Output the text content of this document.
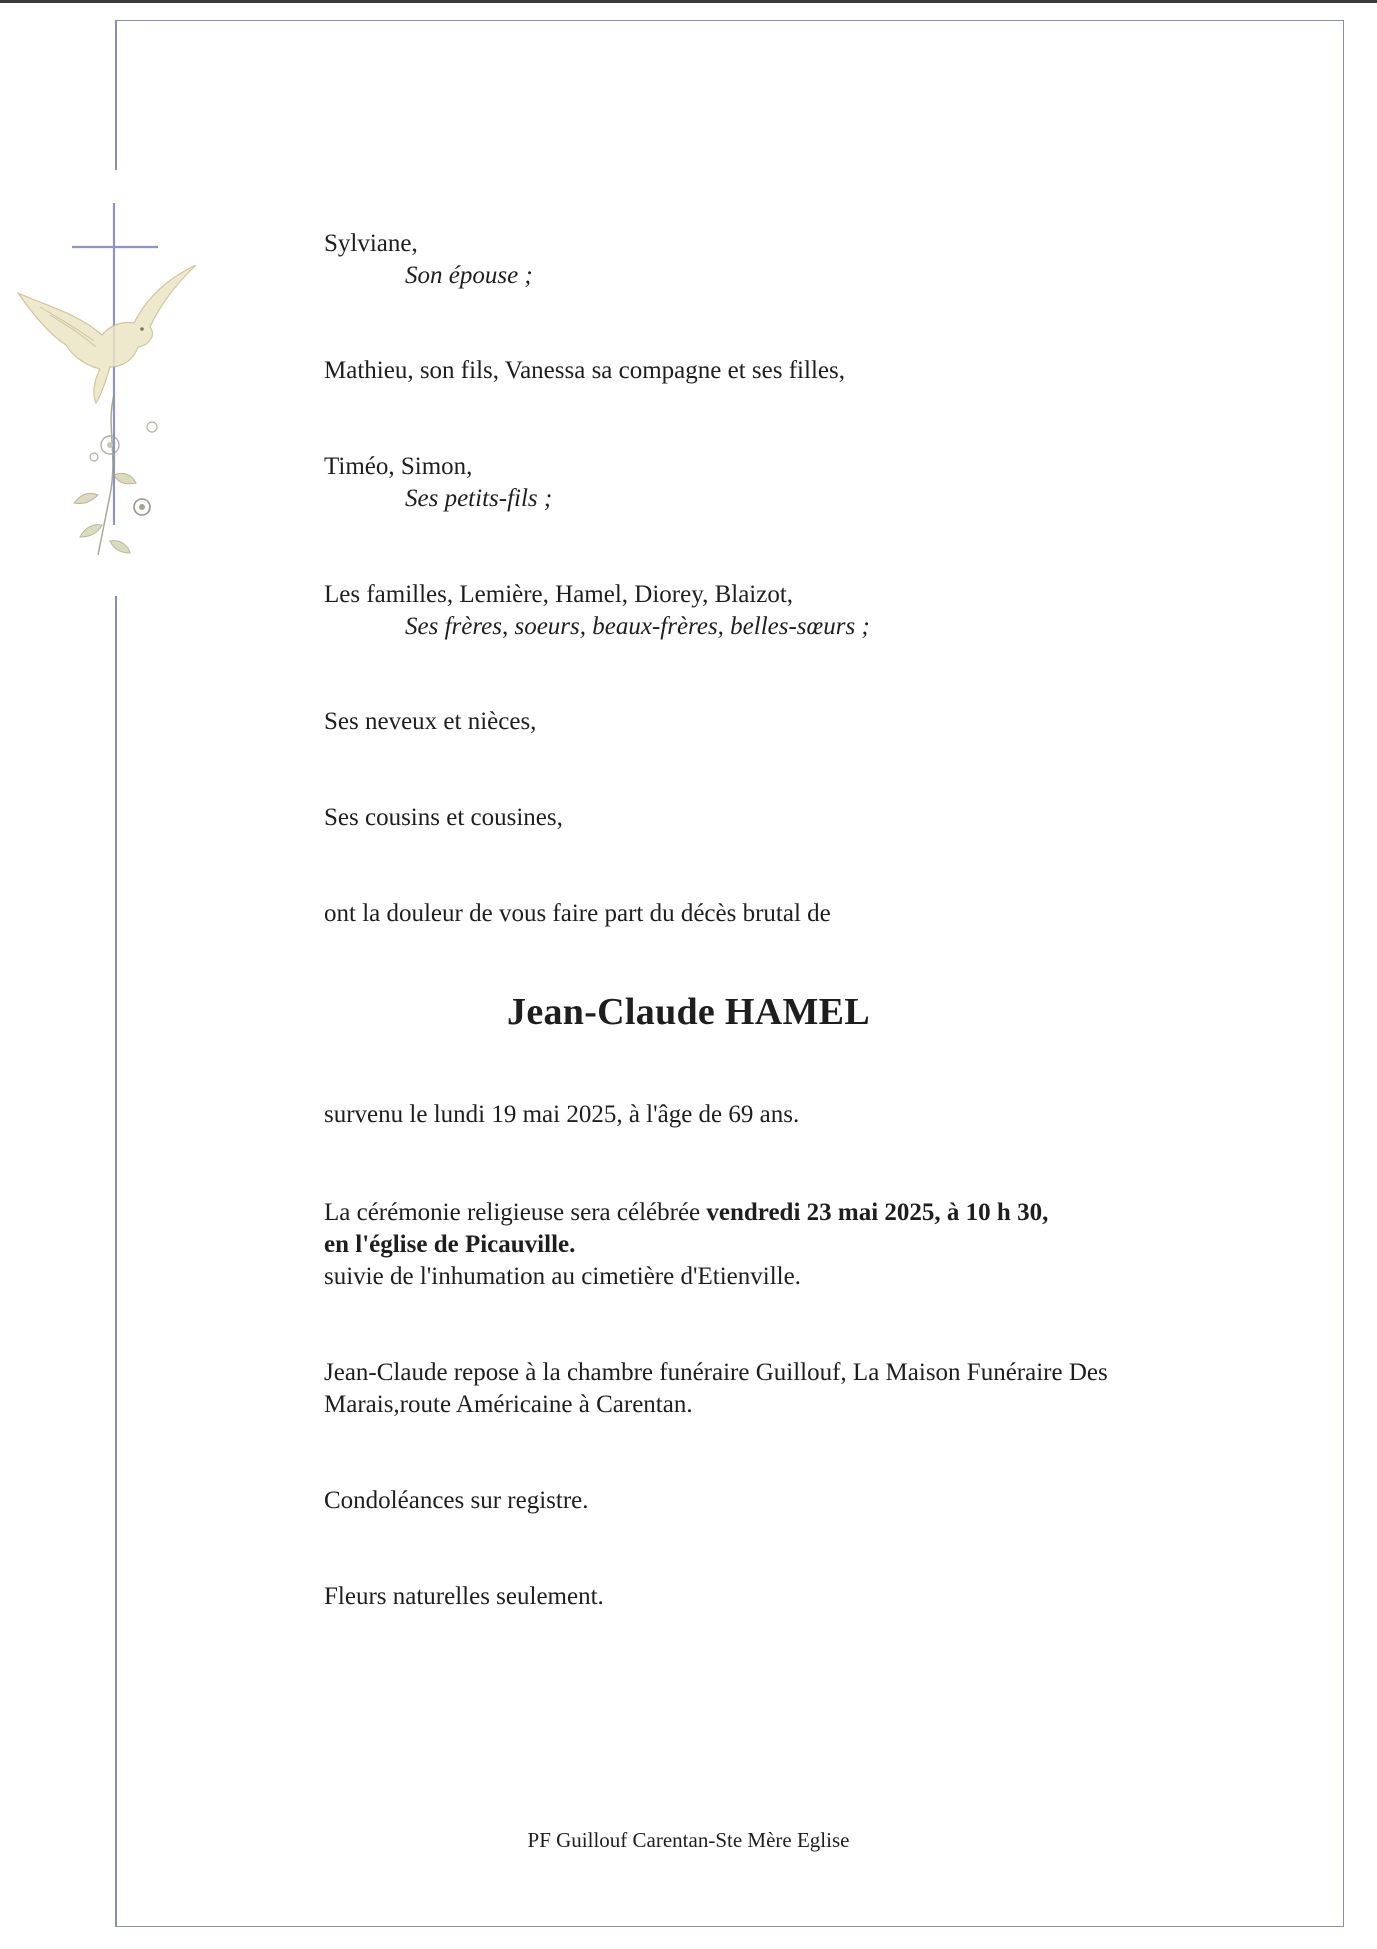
Sylviane,
Son épouse ;
Mathieu, son fils, Vanessa sa compagne et ses filles,
Timéo, Simon,
Ses petits-fils ;
Les familles, Lemière, Hamel, Diorey, Blaizot,
Ses frères, soeurs, beaux-frères, belles-sœurs ;
Ses neveux et nièces,
Ses cousins et cousines,
ont la douleur de vous faire part du décès brutal de
Jean-Claude HAMEL
survenu le lundi 19 mai 2025, à l'âge de 69 ans.
La cérémonie religieuse sera célébrée vendredi 23 mai 2025, à 10 h 30,
en l'église de Picauville.
suivie de l'inhumation au cimetière d'Etienville.
Jean-Claude repose à la chambre funéraire Guillouf, La Maison Funéraire Des
Marais,route Américaine à Carentan.
Condoléances sur registre.
Fleurs naturelles seulement.
PF Guillouf Carentan-Ste Mère Eglise
